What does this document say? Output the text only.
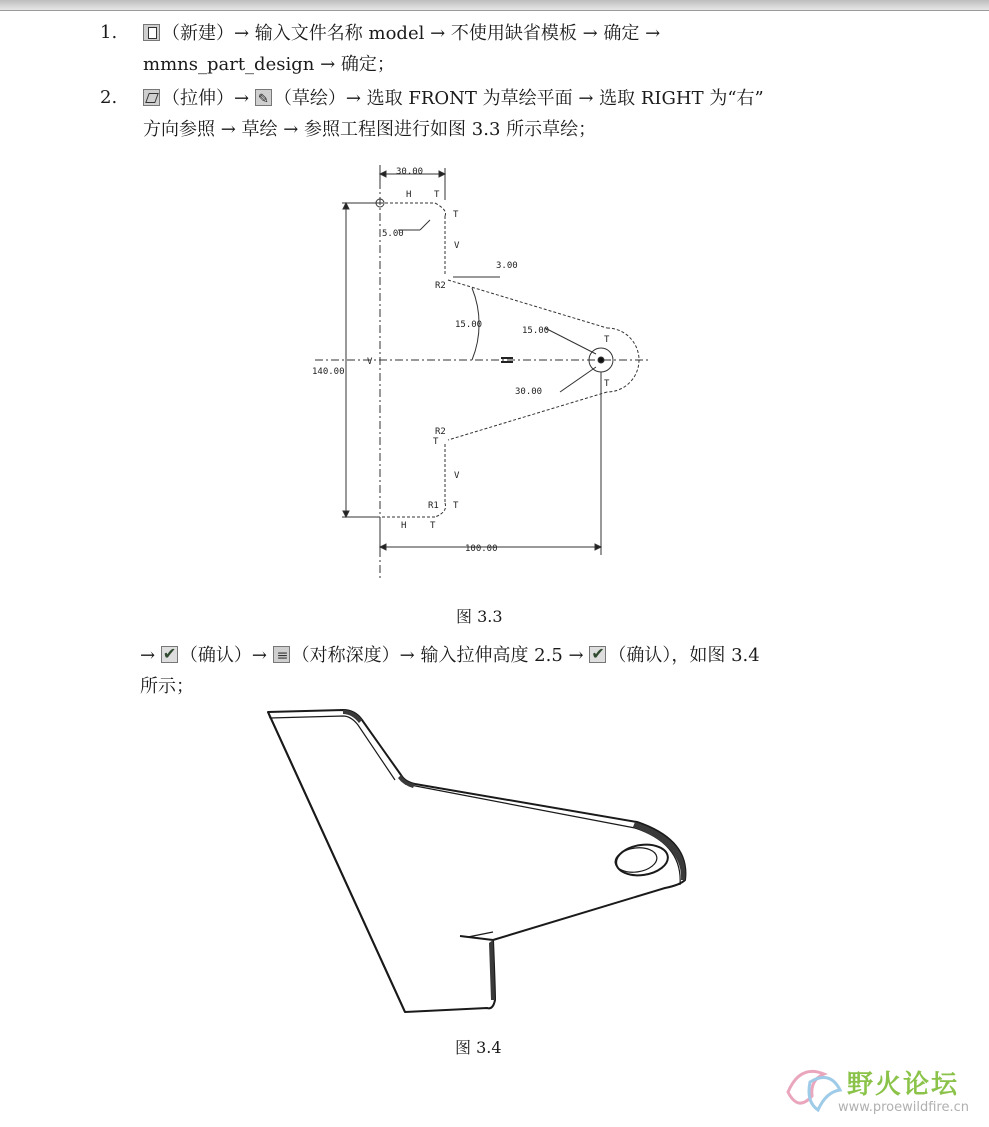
1.	（新建）→ 输入文件名称 model → 不使用缺省模板 → 确定 →
mmns_part_design → 确定；
2.	（拉伸）→ ✎ （草绘）→ 选取 FRONT 为草绘平面 → 选取 RIGHT 为“右”
方向参照 → 草绘 → 参照工程图进行如图 3.3 所示草绘；
30.00
5.00
3.00
15.00
15.00
30.00
140.00
100.00
H	T
T
V
V
R2
T
T
R2
T
V
R1 T
H	T
图 3.3
→ ✔ （确认）→ ≡ （对称深度）→ 输入拉伸高度 2.5 → ✔ （确认），如图 3.4
所示；
图 3.4
野火论坛
www.proewildfire.cn
